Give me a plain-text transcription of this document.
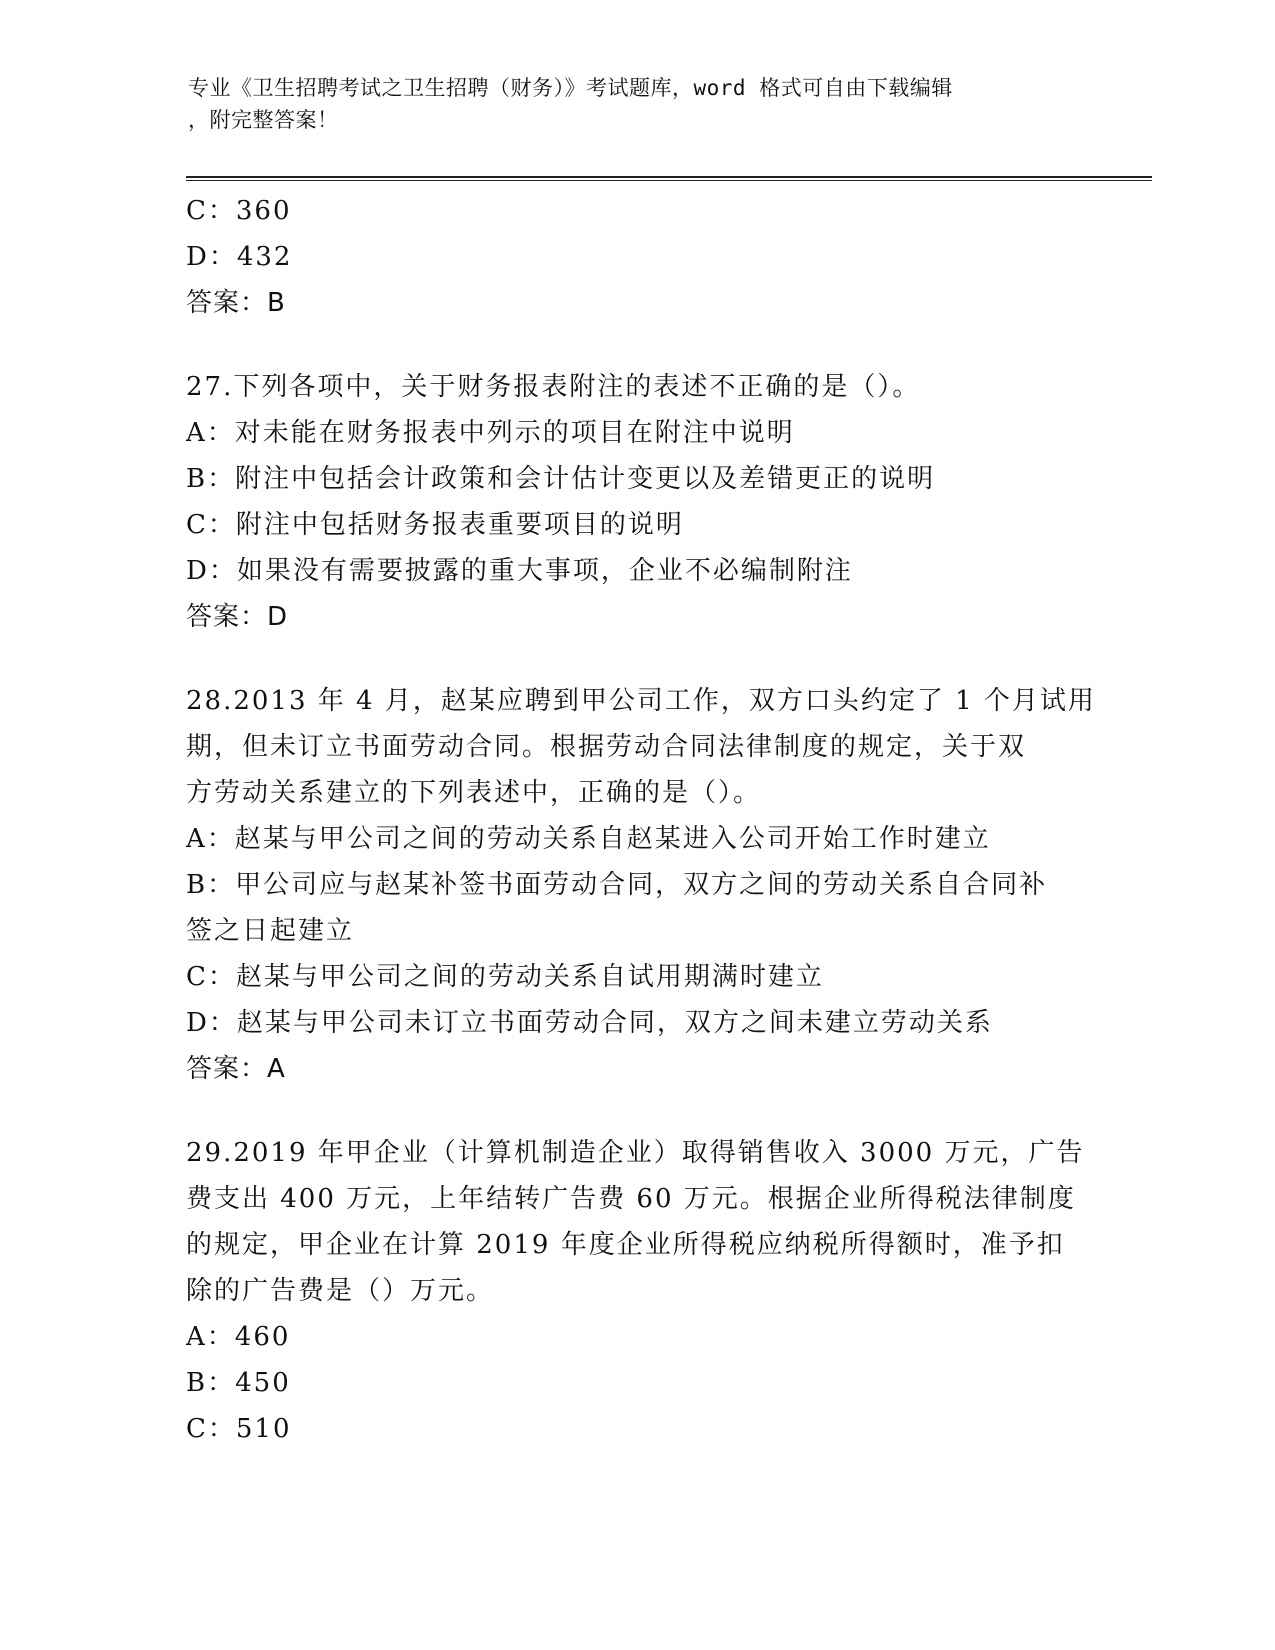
专业《卫生招聘考试之卫生招聘（财务）》考试题库，word 格式可自由下载编辑
，附完整答案！

C：360

D：432

答案：B

27.下列各项中，关于财务报表附注的表述不正确的是（）。

A：对未能在财务报表中列示的项目在附注中说明

B：附注中包括会计政策和会计估计变更以及差错更正的说明

C：附注中包括财务报表重要项目的说明

D：如果没有需要披露的重大事项，企业不必编制附注

答案：D

28.2013 年 4 月，赵某应聘到甲公司工作，双方口头约定了 1 个月试用

期，但未订立书面劳动合同。根据劳动合同法律制度的规定，关于双

方劳动关系建立的下列表述中，正确的是（）。

A：赵某与甲公司之间的劳动关系自赵某进入公司开始工作时建立

B：甲公司应与赵某补签书面劳动合同，双方之间的劳动关系自合同补

签之日起建立

C：赵某与甲公司之间的劳动关系自试用期满时建立

D：赵某与甲公司未订立书面劳动合同，双方之间未建立劳动关系

答案：A

29.2019 年甲企业（计算机制造企业）取得销售收入 3000 万元，广告

费支出 400 万元，上年结转广告费 60 万元。根据企业所得税法律制度

的规定，甲企业在计算 2019 年度企业所得税应纳税所得额时，准予扣

除的广告费是（）万元。

A：460

B：450

C：510
